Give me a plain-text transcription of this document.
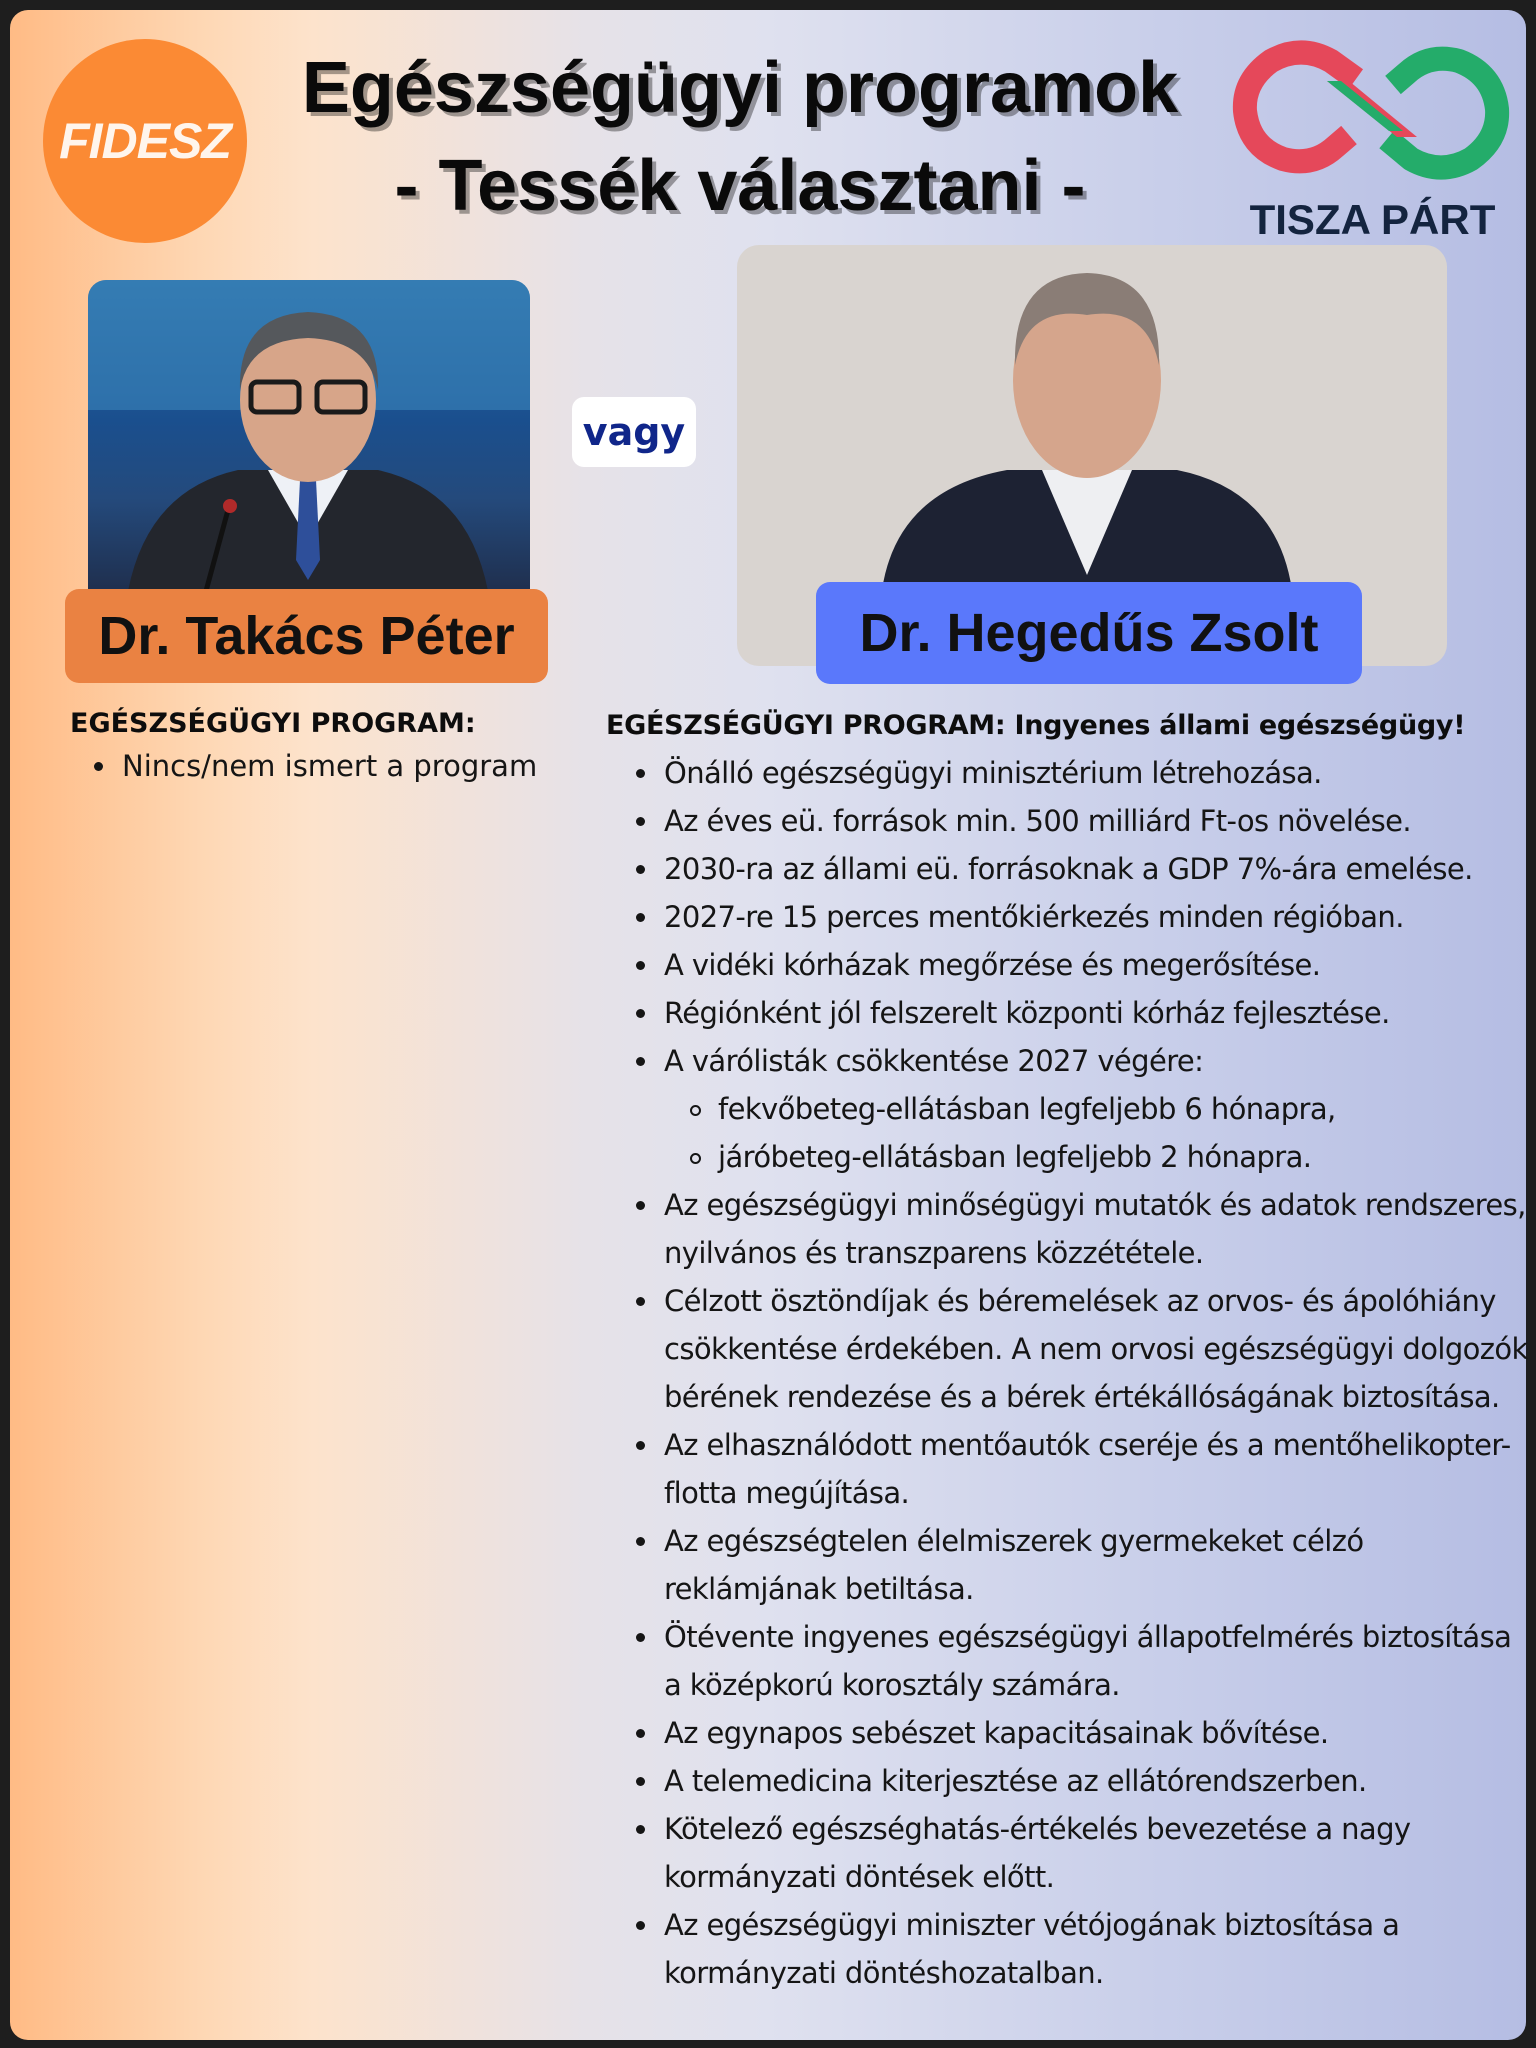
FIDESZ
Egészségügyi programok
- Tessék választani -	TISZA PÁRT
vagy
Dr. Takács Péter	Dr. Hegedűs Zsolt
EGÉSZSÉGÜGYI PROGRAM:
Nincs/nem ismert a program
EGÉSZSÉGÜGYI PROGRAM: Ingyenes állami egészségügy!
Önálló egészségügyi minisztérium létrehozása.
Az éves eü. források min. 500 milliárd Ft-os növelése.
2030-ra az állami eü. forrásoknak a GDP 7%-ára emelése.
2027-re 15 perces mentőkiérkezés minden régióban.
A vidéki kórházak megőrzése és megerősítése.
Régiónként jól felszerelt központi kórház fejlesztése.
A várólisták csökkentése 2027 végére:
fekvőbeteg-ellátásban legfeljebb 6 hónapra,
járóbeteg-ellátásban legfeljebb 2 hónapra.
Az egészségügyi minőségügyi mutatók és adatok rendszeres, nyilvános és transzparens közzététele.
Célzott ösztöndíjak és béremelések az orvos- és ápolóhiány csökkentése érdekében. A nem orvosi egészségügyi dolgozók bérének rendezése és a bérek értékállóságának biztosítása.
Az elhasználódott mentőautók cseréje és a mentőhelikopter-flotta megújítása.
Az egészségtelen élelmiszerek gyermekeket célzó reklámjának betiltása.
Ötévente ingyenes egészségügyi állapotfelmérés biztosítása a középkorú korosztály számára.
Az egynapos sebészet kapacitásainak bővítése.
A telemedicina kiterjesztése az ellátórendszerben.
Kötelező egészséghatás-értékelés bevezetése a nagy kormányzati döntések előtt.
Az egészségügyi miniszter vétójogának biztosítása a kormányzati döntéshozatalban.
